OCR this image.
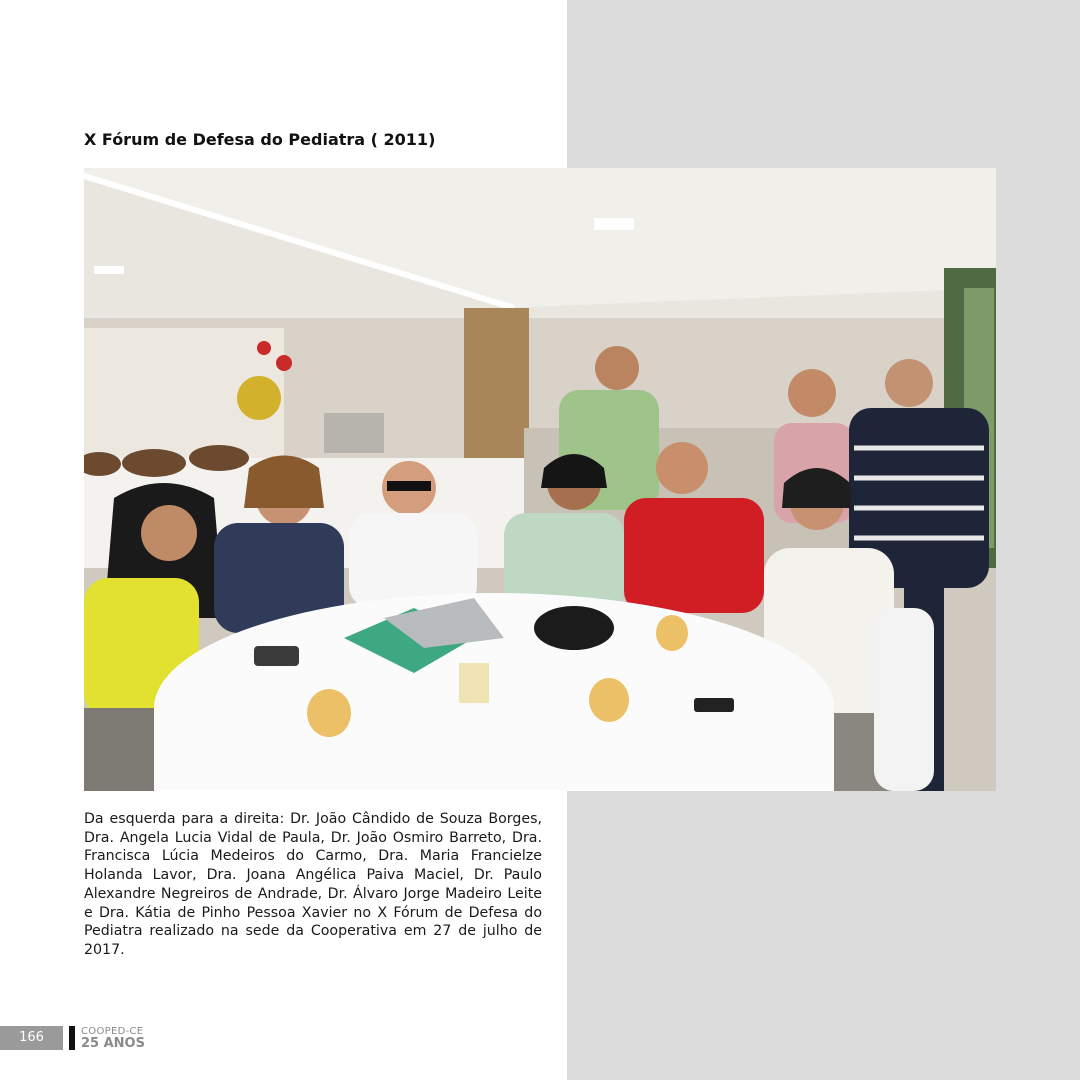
X Fórum de Defesa do Pediatra ( 2011)
Da esquerda para a direita: Dr. João Cândido de Souza Borges, Dra. Angela Lucia Vidal de Paula, Dr. João Osmiro Barreto, Dra. Francisca Lúcia Medeiros do Carmo, Dra. Maria Francielze Holanda Lavor, Dra. Joana Angélica Paiva Maciel, Dr. Paulo Alexandre Negreiros de Andrade, Dr. Álvaro Jorge Madeiro Leite e Dra. Kátia de Pinho Pessoa Xavier no X Fórum de Defesa do Pediatra realizado na sede da Cooperativa em 27 de julho de 2017.
166	COOPED-CE
25 ANOS
